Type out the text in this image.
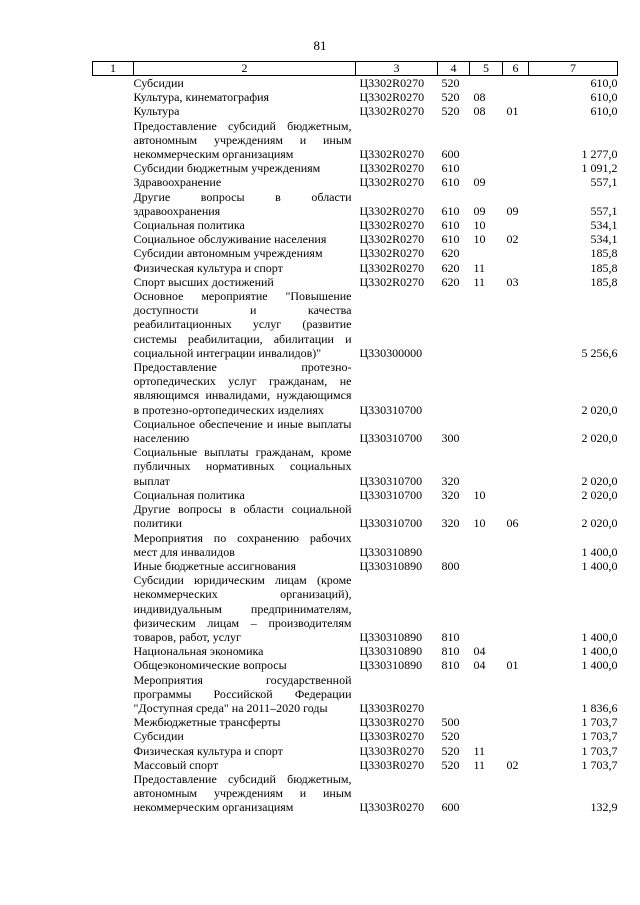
81
1	2	3	4	5	6	7
	Субсидии	Ц3302R0270	520			610,0
	Культура, кинематография	Ц3302R0270	520	08		610,0
	Культура	Ц3302R0270	520	08	01	610,0
	Предоставление субсидий бюджетным, автономным учреждениям и иным некоммерческим организациям	Ц3302R0270	600			1 277,0
	Субсидии бюджетным учреждениям	Ц3302R0270	610			1 091,2
	Здравоохранение	Ц3302R0270	610	09		557,1
	Другие вопросы в области здравоохранения	Ц3302R0270	610	09	09	557,1
	Социальная политика	Ц3302R0270	610	10		534,1
	Социальное обслуживание населения	Ц3302R0270	610	10	02	534,1
	Субсидии автономным учреждениям	Ц3302R0270	620			185,8
	Физическая культура и спорт	Ц3302R0270	620	11		185,8
	Спорт высших достижений	Ц3302R0270	620	11	03	185,8
	Основное мероприятие "Повышение доступности и качества реабилитационных услуг (развитие системы реабилитации, абилитации и социальной интеграции инвалидов)"	Ц330300000				5 256,6
	Предоставление протезно-ортопедических услуг гражданам, не являющимся инвалидами, нуждающимся в протезно-ортопедических изделиях	Ц330310700				2 020,0
	Социальное обеспечение и иные выплаты населению	Ц330310700	300			2 020,0
	Социальные выплаты гражданам, кроме публичных нормативных социальных выплат	Ц330310700	320			2 020,0
	Социальная политика	Ц330310700	320	10		2 020,0
	Другие вопросы в области социальной политики	Ц330310700	320	10	06	2 020,0
	Мероприятия по сохранению рабочих мест для инвалидов	Ц330310890				1 400,0
	Иные бюджетные ассигнования	Ц330310890	800			1 400,0
	Субсидии юридическим лицам (кроме некоммерческих организаций), индивидуальным предпринимателям, физическим лицам – производителям товаров, работ, услуг	Ц330310890	810			1 400,0
	Национальная экономика	Ц330310890	810	04		1 400,0
	Общеэкономические вопросы	Ц330310890	810	04	01	1 400,0
	Мероприятия государственной программы Российской Федерации "Доступная среда" на 2011–2020 годы	Ц3303R0270				1 836,6
	Межбюджетные трансферты	Ц3303R0270	500			1 703,7
	Субсидии	Ц3303R0270	520			1 703,7
	Физическая культура и спорт	Ц3303R0270	520	11		1 703,7
	Массовый спорт	Ц3303R0270	520	11	02	1 703,7
	Предоставление субсидий бюджетным, автономным учреждениям и иным некоммерческим организациям	Ц3303R0270	600			132,9
